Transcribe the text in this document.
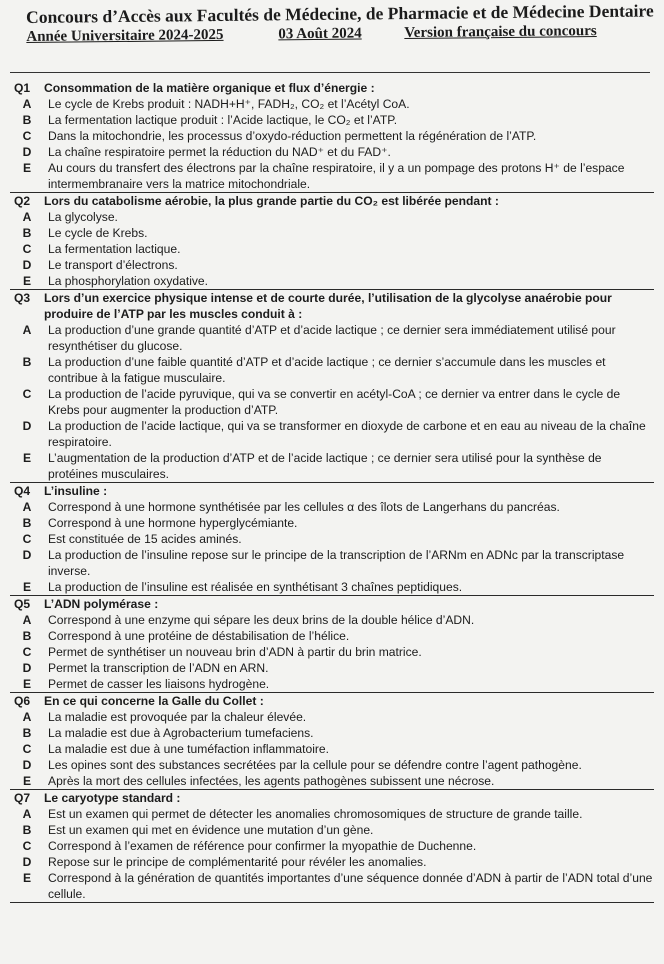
Concours d’Accès aux Facultés de Médecine, de Pharmacie et de Médecine Dentaire
Année Universitaire 2024-2025	03 Août 2024	Version française du concours
Q1	Consommation de la matière organique et flux d’énergie :
A	Le cycle de Krebs produit : NADH+H⁺, FADH₂, CO₂ et l’Acétyl CoA.
B	La fermentation lactique produit : l’Acide lactique, le CO₂ et l’ATP.
C	Dans la mitochondrie, les processus d’oxydo-réduction permettent la régénération de l’ATP.
D	La chaîne respiratoire permet la réduction du NAD⁺ et du FAD⁺.
E	Au cours du transfert des électrons par la chaîne respiratoire, il y a un pompage des protons H⁺ de l’espace intermembranaire vers la matrice mitochondriale.
Q2	Lors du catabolisme aérobie, la plus grande partie du CO₂ est libérée pendant :
A	La glycolyse.
B	Le cycle de Krebs.
C	La fermentation lactique.
D	Le transport d’électrons.
E	La phosphorylation oxydative.
Q3	Lors d’un exercice physique intense et de courte durée, l’utilisation de la glycolyse anaérobie pour produire de l’ATP par les muscles conduit à :
A	La production d’une grande quantité d’ATP et d’acide lactique ; ce dernier sera immédiatement utilisé pour resynthétiser du glucose.
B	La production d’une faible quantité d’ATP et d’acide lactique ; ce dernier s’accumule dans les muscles et contribue à la fatigue musculaire.
C	La production de l’acide pyruvique, qui va se convertir en acétyl-CoA ; ce dernier va entrer dans le cycle de Krebs pour augmenter la production d’ATP.
D	La production de l’acide lactique, qui va se transformer en dioxyde de carbone et en eau au niveau de la chaîne respiratoire.
E	L’augmentation de la production d’ATP et de l’acide lactique ; ce dernier sera utilisé pour la synthèse de protéines musculaires.
Q4	L’insuline :
A	Correspond à une hormone synthétisée par les cellules α des îlots de Langerhans du pancréas.
B	Correspond à une hormone hyperglycémiante.
C	Est constituée de 15 acides aminés.
D	La production de l’insuline repose sur le principe de la transcription de l’ARNm en ADNc par la transcriptase inverse.
E	La production de l’insuline est réalisée en synthétisant 3 chaînes peptidiques.
Q5	L’ADN polymérase :
A	Correspond à une enzyme qui sépare les deux brins de la double hélice d’ADN.
B	Correspond à une protéine de déstabilisation de l’hélice.
C	Permet de synthétiser un nouveau brin d’ADN à partir du brin matrice.
D	Permet la transcription de l’ADN en ARN.
E	Permet de casser les liaisons hydrogène.
Q6	En ce qui concerne la Galle du Collet :
A	La maladie est provoquée par la chaleur élevée.
B	La maladie est due à Agrobacterium tumefaciens.
C	La maladie est due à une tuméfaction inflammatoire.
D	Les opines sont des substances secrétées par la cellule pour se défendre contre l’agent pathogène.
E	Après la mort des cellules infectées, les agents pathogènes subissent une nécrose.
Q7	Le caryotype standard :
A	Est un examen qui permet de détecter les anomalies chromosomiques de structure de grande taille.
B	Est un examen qui met en évidence une mutation d’un gène.
C	Correspond à l’examen de référence pour confirmer la myopathie de Duchenne.
D	Repose sur le principe de complémentarité pour révéler les anomalies.
E	Correspond à la génération de quantités importantes d’une séquence donnée d’ADN à partir de l’ADN total d’une cellule.
